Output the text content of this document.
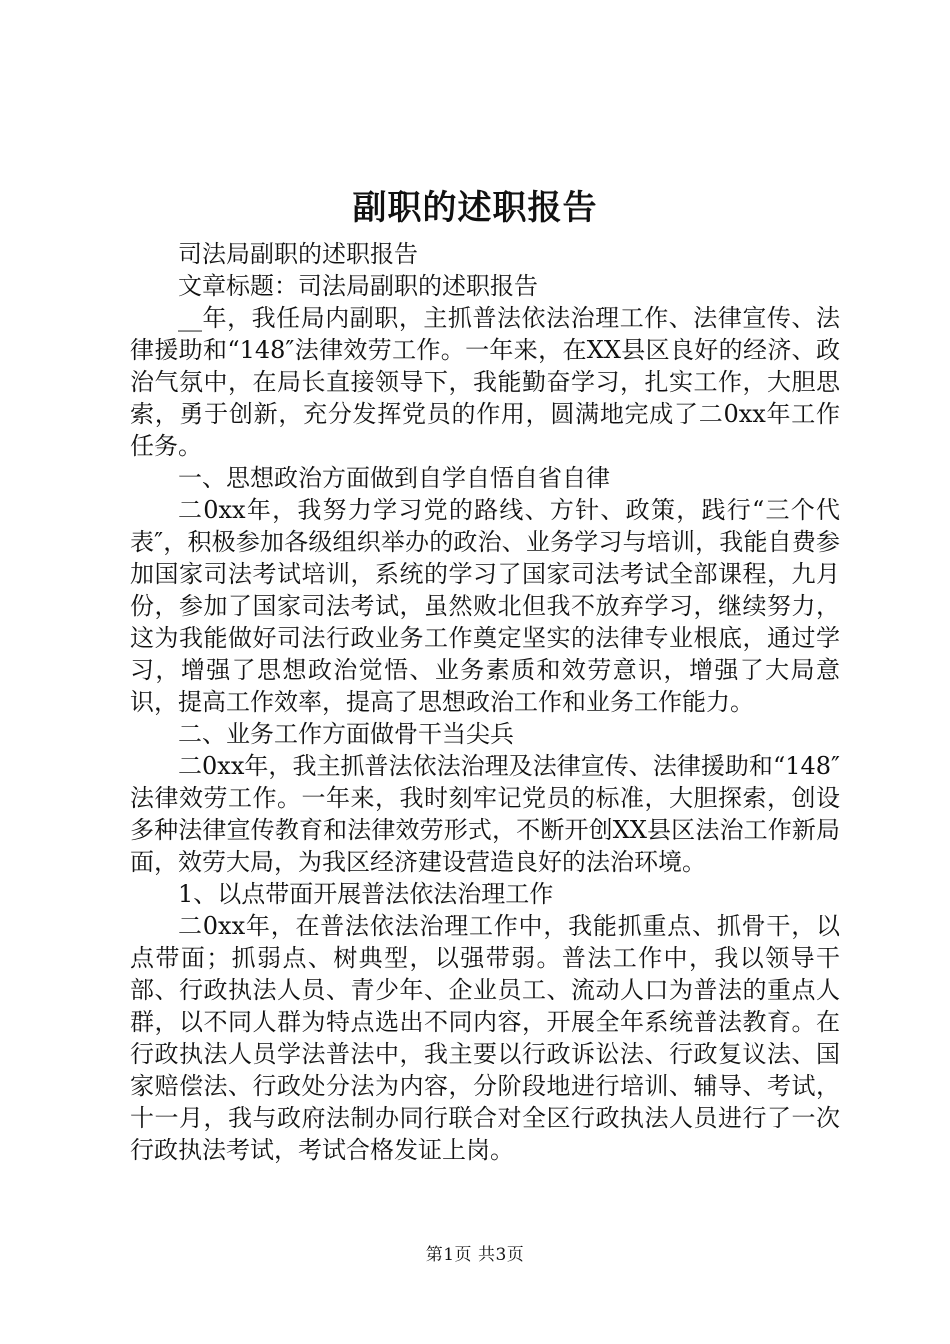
副职的述职报告

司法局副职的述职报告

文章标题：司法局副职的述职报告

__年，我任局内副职，主抓普法依法治理工作、法律宣传、法律援助和“148″法律效劳工作。一年来，在XX县区良好的经济、政治气氛中，在局长直接领导下，我能勤奋学习，扎实工作，大胆思索，勇于创新，充分发挥党员的作用，圆满地完成了二0xx年工作任务。

一、思想政治方面做到自学自悟自省自律

二0xx年，我努力学习党的路线、方针、政策，践行“三个代表″，积极参加各级组织举办的政治、业务学习与培训，我能自费参加国家司法考试培训，系统的学习了国家司法考试全部课程，九月份，参加了国家司法考试，虽然败北但我不放弃学习，继续努力，这为我能做好司法行政业务工作奠定坚实的法律专业根底，通过学习，增强了思想政治觉悟、业务素质和效劳意识，增强了大局意识，提高工作效率，提高了思想政治工作和业务工作能力。

二、业务工作方面做骨干当尖兵

二0xx年，我主抓普法依法治理及法律宣传、法律援助和“148″法律效劳工作。一年来，我时刻牢记党员的标准，大胆探索，创设多种法律宣传教育和法律效劳形式，不断开创XX县区法治工作新局面，效劳大局，为我区经济建设营造良好的法治环境。

1、以点带面开展普法依法治理工作

二0xx年，在普法依法治理工作中，我能抓重点、抓骨干，以点带面；抓弱点、树典型，以强带弱。普法工作中，我以领导干部、行政执法人员、青少年、企业员工、流动人口为普法的重点人群，以不同人群为特点选出不同内容，开展全年系统普法教育。在行政执法人员学法普法中，我主要以行政诉讼法、行政复议法、国家赔偿法、行政处分法为内容，分阶段地进行培训、辅导、考试，十一月，我与政府法制办同行联合对全区行政执法人员进行了一次行政执法考试，考试合格发证上岗。

第1页 共3页
